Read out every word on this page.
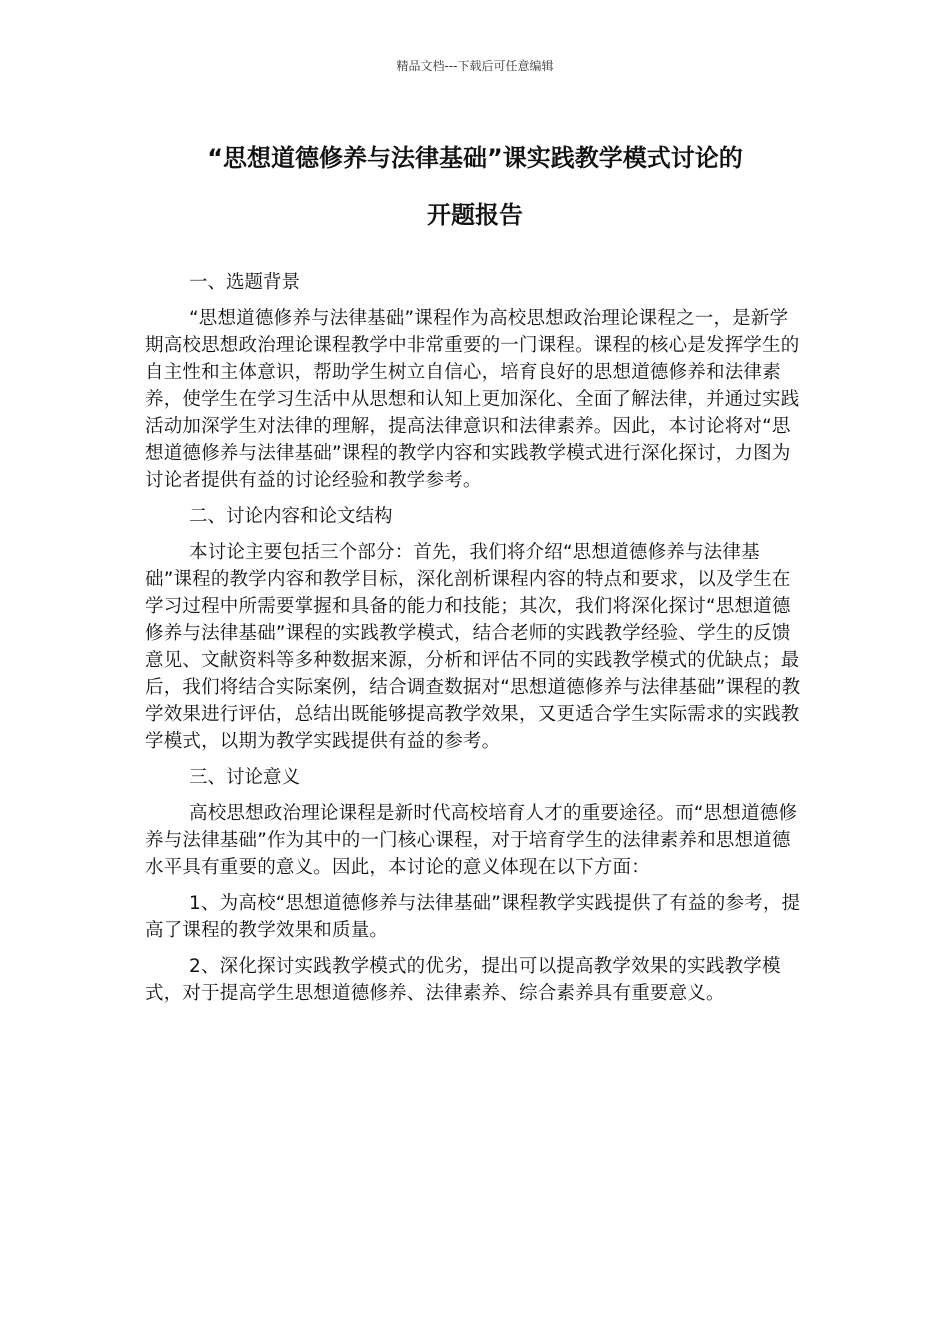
精品文档---下载后可任意编辑
“思想道德修养与法律基础”课实践教学模式讨论的
开题报告

一、选题背景

“思想道德修养与法律基础”课程作为高校思想政治理论课程之一，是新学期高校思想政治理论课程教学中非常重要的一门课程。课程的核心是发挥学生的自主性和主体意识，帮助学生树立自信心，培育良好的思想道德修养和法律素养，使学生在学习生活中从思想和认知上更加深化、全面了解法律，并通过实践活动加深学生对法律的理解，提高法律意识和法律素养。因此，本讨论将对“思想道德修养与法律基础”课程的教学内容和实践教学模式进行深化探讨，力图为讨论者提供有益的讨论经验和教学参考。

二、讨论内容和论文结构

本讨论主要包括三个部分：首先，我们将介绍“思想道德修养与法律基础”课程的教学内容和教学目标，深化剖析课程内容的特点和要求，以及学生在学习过程中所需要掌握和具备的能力和技能；其次，我们将深化探讨“思想道德修养与法律基础”课程的实践教学模式，结合老师的实践教学经验、学生的反馈意见、文献资料等多种数据来源，分析和评估不同的实践教学模式的优缺点；最后，我们将结合实际案例，结合调查数据对“思想道德修养与法律基础”课程的教学效果进行评估，总结出既能够提高教学效果，又更适合学生实际需求的实践教学模式，以期为教学实践提供有益的参考。

三、讨论意义

高校思想政治理论课程是新时代高校培育人才的重要途径。而“思想道德修养与法律基础”作为其中的一门核心课程，对于培育学生的法律素养和思想道德水平具有重要的意义。因此，本讨论的意义体现在以下方面：

1、为高校“思想道德修养与法律基础”课程教学实践提供了有益的参考，提高了课程的教学效果和质量。

2、深化探讨实践教学模式的优劣，提出可以提高教学效果的实践教学模式，对于提高学生思想道德修养、法律素养、综合素养具有重要意义。
